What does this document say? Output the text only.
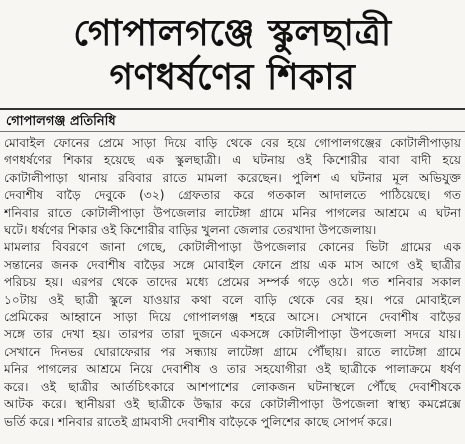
গোপালগঞ্জে স্কুলছাত্রী
গণধর্ষণের শিকার
গোপালগঞ্জ প্রতিনিধি
মোবাইল ফোনের প্রেমে সাড়া দিয়ে বাড়ি থেকে বের হয়ে গোপালগঞ্জের কোটালীপাড়ায়
গণধর্ষণের শিকার হয়েছে এক স্কুলছাত্রী। এ ঘটনায় ওই কিশোরীর বাবা বাদী হয়ে
কোটালীপাড়া থানায় রবিবার রাতে মামলা করেছেন। পুলিশ এ ঘটনার মূল অভিযুক্ত
দেবাশীষ বাড়ৈ দেবুকে (৩২) গ্রেফতার করে গতকাল আদালতে পাঠিয়েছে। গত
শনিবার রাতে কোটালীপাড়া উপজেলার লাটেঙ্গা গ্রামে মনির পাগলের আশ্রমে এ ঘটনা
ঘটে। ধর্ষণের শিকার ওই কিশোরীর বাড়ির খুলনা জেলার তেরখাদা উপজেলায়।
মামলার বিবরণে জানা গেছে, কোটালীপাড়া উপজেলার কোনের ভিটা গ্রামের এক
সন্তানের জনক দেবাশীষ বাড়ৈর সঙ্গে মোবাইল ফোনে প্রায় এক মাস আগে ওই ছাত্রীর
পরিচয় হয়। এরপর থেকে তাদের মধ্যে প্রেমের সম্পর্ক গড়ে ওঠে। গত শনিবার সকাল
১০টায় ওই ছাত্রী স্কুলে যাওয়ার কথা বলে বাড়ি থেকে বের হয়। পরে মোবাইলে
প্রেমিকের আহ্বানে সাড়া দিয়ে গোপালগঞ্জ শহরে আসে। সেখানে দেবাশীষ বাড়ৈর
সঙ্গে তার দেখা হয়। তারপর তারা দুজনে একসঙ্গে কোটালীপাড়া উপজেলা সদরে যায়।
সেখানে দিনভর ঘোরাফেরার পর সন্ধ্যায় লাটেঙ্গা গ্রামে পৌঁছায়। রাতে লাটেঙ্গা গ্রামে
মনির পাগলের আশ্রমে নিয়ে দেবাশীষ ও তার সহযোগীরা ওই ছাত্রীকে পালাক্রমে ধর্ষণ
করে। ওই ছাত্রীর আর্তচিৎকারে আশপাশের লোকজন ঘটনাস্থলে পৌঁছে দেবাশীষকে
আটক করে। স্থানীয়রা ওই ছাত্রীকে উদ্ধার করে কোটালীপাড়া উপজেলা স্বাস্থ্য কমপ্লেক্সে
ভর্তি করে। শনিবার রাতেই গ্রামবাসী দেবাশীষ বাড়ৈকে পুলিশের কাছে সোপর্দ করে।
